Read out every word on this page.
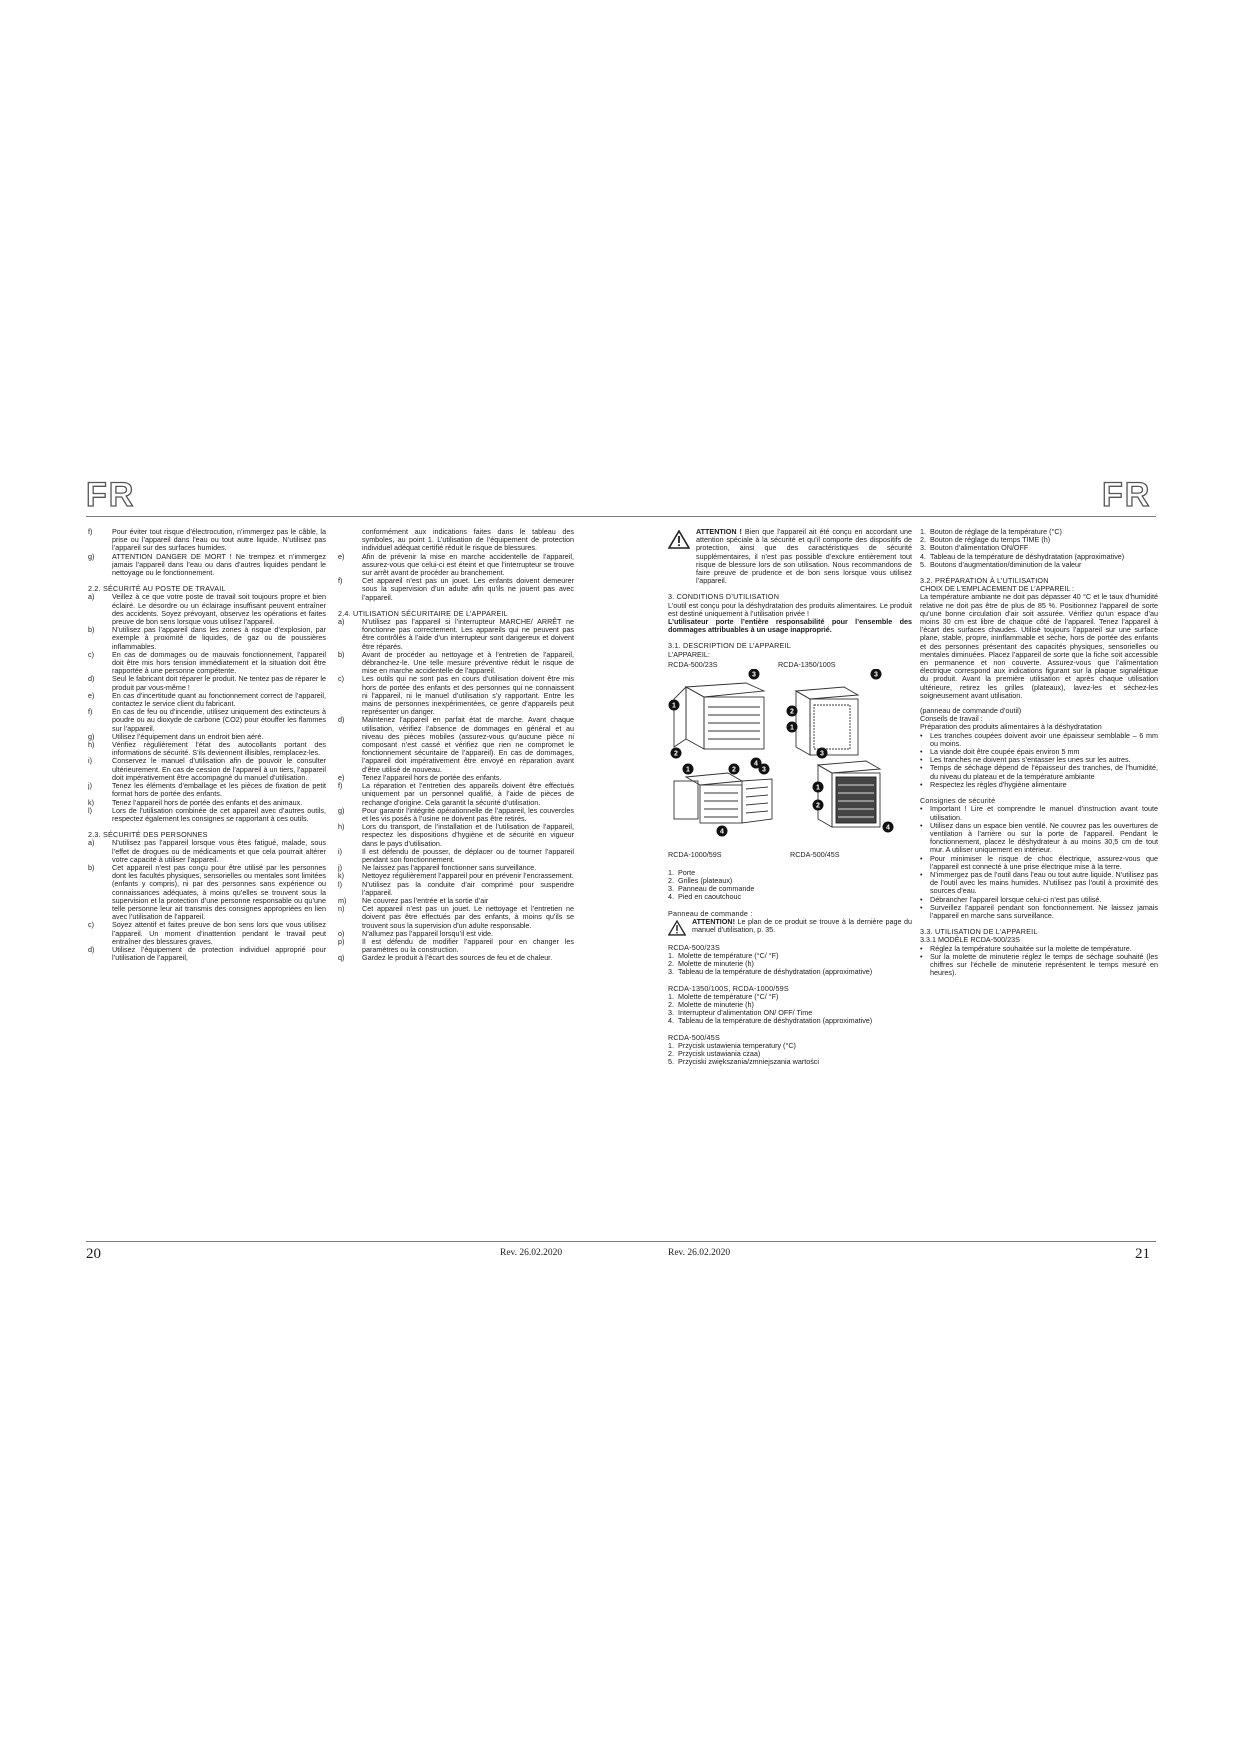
FR	FR
f)	Pour éviter tout risque d’électrocution, n’immergez pas le câble, la prise ou l’appareil dans l’eau ou tout autre liquide. N’utilisez pas l’appareil sur des surfaces humides.
g)	ATTENTION DANGER DE MORT ! Ne trempez et n’immergez jamais l’appareil dans l’eau ou dans d’autres liquides pendant le nettoyage ou le fonctionnement.

2.2. SÉCURITÉ AU POSTE DE TRAVAIL

a)	Veillez à ce que votre poste de travail soit toujours propre et bien éclairé. Le désordre ou un éclairage insuffisant peuvent entraîner des accidents. Soyez prévoyant, observez les opérations et faites preuve de bon sens lorsque vous utilisez l’appareil.
b)	N’utilisez pas l’appareil dans les zones à risque d’explosion, par exemple à proximité de liquides, de gaz ou de poussières inflammables.
c)	En cas de dommages ou de mauvais fonctionnement, l’appareil doit être mis hors tension immédiatement et la situation doit être rapportée à une personne compétente.
d)	Seul le fabricant doit réparer le produit. Ne tentez pas de réparer le produit par vous-même !
e)	En cas d’incertitude quant au fonctionnement correct de l’appareil, contactez le service client du fabricant.
f)	En cas de feu ou d’incendie, utilisez uniquement des extincteurs à poudre ou au dioxyde de carbone (CO2) pour étouffer les flammes sur l’appareil.
g)	Utilisez l’équipement dans un endroit bien aéré.
h)	Vérifiez régulièrement l’état des autocollants portant des informations de sécurité. S’ils deviennent illisibles, remplacez-les.
i)	Conservez le manuel d’utilisation afin de pouvoir le consulter ultérieurement. En cas de cession de l’appareil à un tiers, l’appareil doit impérativement être accompagné du manuel d’utilisation.
j)	Tenez les éléments d’emballage et les pièces de fixation de petit format hors de portée des enfants.
k)	Tenez l’appareil hors de portée des enfants et des animaux.
l)	Lors de l’utilisation combinée de cet appareil avec d’autres outils, respectez également les consignes se rapportant à ces outils.

2.3. SÉCURITÉ DES PERSONNES

a)	N’utilisez pas l’appareil lorsque vous êtes fatigué, malade, sous l’effet de drogues ou de médicaments et que cela pourrait altérer votre capacité à utiliser l’appareil.
b)	Cet appareil n’est pas conçu pour être utilisé par les personnes dont les facultés physiques, sensorielles ou mentales sont limitées (enfants y compris), ni par des personnes sans expérience ou connaissances adéquates, à moins qu’elles se trouvent sous la supervision et la protection d’une personne responsable ou qu’une telle personne leur ait transmis des consignes appropriées en lien avec l’utilisation de l’appareil.
c)	Soyez attentif et faites preuve de bon sens lors que vous utilisez l’appareil. Un moment d’inattention pendant le travail peut entraîner des blessures graves.
d)	Utilisez l’équipement de protection individuel approprié pour l’utilisation de l’appareil,
conformément aux indications faites dans le tableau des symboles, au point 1. L’utilisation de l’équipement de protection individuel adéquat certifié réduit le risque de blessures.
e)	Afin de prévenir la mise en marche accidentelle de l’appareil, assurez-vous que celui-ci est éteint et que l’interrupteur se trouve sur arrêt avant de procéder au branchement.
f)	Cet appareil n’est pas un jouet. Les enfants doivent demeurer sous la supervision d’un adulte afin qu’ils ne jouent pas avec l’appareil.

2.4. UTILISATION SÉCURITAIRE DE L’APPAREIL

a)	N’utilisez pas l’appareil si l’interrupteur MARCHE/ ARRÊT ne fonctionne pas correctement. Les appareils qui ne peuvent pas être contrôlés à l’aide d’un interrupteur sont dangereux et doivent être réparés.
b)	Avant de procéder au nettoyage et à l’entretien de l’appareil, débranchez-le. Une telle mesure préventive réduit le risque de mise en marche accidentelle de l’appareil.
c)	Les outils qui ne sont pas en cours d’utilisation doivent être mis hors de portée des enfants et des personnes qui ne connaissent ni l’appareil, ni le manuel d’utilisation s’y rapportant. Entre les mains de personnes inexpérimentées, ce genre d’appareils peut représenter un danger.
d)	Maintenez l’appareil en parfait état de marche. Avant chaque utilisation, vérifiez l’absence de dommages en général et au niveau des pièces mobiles (assurez-vous qu’aucune pièce ni composant n’est cassé et vérifiez que rien ne compromet le fonctionnement sécuritaire de l’appareil). En cas de dommages, l’appareil doit impérativement être envoyé en réparation avant d’être utilisé de nouveau.
e)	Tenez l’appareil hors de portée des enfants.
f)	La réparation et l’entretien des appareils doivent être effectués uniquement par un personnel qualifié, à l’aide de pièces de rechange d’origine. Cela garantit la sécurité d’utilisation.
g)	Pour garantir l’intégrité opérationnelle de l’appareil, les couvercles et les vis posés à l’usine ne doivent pas être retirés.
h)	Lors du transport, de l’installation et de l’utilisation de l’appareil, respectez les dispositions d’hygiène et de sécurité en vigueur dans le pays d’utilisation.
i)	Il est défendu de pousser, de déplacer ou de tourner l’appareil pendant son fonctionnement.
j)	Ne laissez pas l’appareil fonctionner sans surveillance.
k)	Nettoyez régulièrement l’appareil pour en prévenir l’encrassement.
l)	N’utilisez pas la conduite d’air comprimé pour suspendre l’appareil.
m)	Ne couvrez pas l’entrée et la sortie d’air
n)	Cet appareil n’est pas un jouet. Le nettoyage et l’entretien ne doivent pas être effectués par des enfants, à moins qu’ils se trouvent sous la supervision d’un adulte responsable.
o)	N’allumez pas l’appareil lorsqu’il est vide.
p)	Il est défendu de modifier l’appareil pour en changer les paramètres ou la construction.
q)	Gardez le produit à l’écart des sources de feu et de chaleur.

ATTENTION ! Bien que l’appareil ait été conçu en accordant une attention spéciale à la sécurité et qu’il comporte des dispositifs de protection, ainsi que des caractéristiques de sécurité supplémentaires, il n’est pas possible d’exclure entièrement tout risque de blessure lors de son utilisation. Nous recommandons de faire preuve de prudence et de bon sens lorsque vous utilisez l’appareil.

3. CONDITIONS D’UTILISATION

L’outil est conçu pour la déshydratation des produits alimentaires. Le produit est destiné uniquement à l’utilisation privée !

L’utilisateur porte l’entière responsabilité pour l’ensemble des dommages attribuables à un usage inapproprié.

3.1. DESCRIPTION DE L’APPAREIL

L’APPAREIL:

RCDA-500/23S	RCDA-1350/100S
1
2
3	3
2
1
4
3
1	2
3
1
2
4
4
RCDA-1000/59S	RCDA-500/45S
1. Porte
2. Grilles (plateaux)
3. Panneau de commande
4. Pied en caoutchouc

Panneau de commande :

ATTENTION! Le plan de ce produit se trouve à la dernière page du manuel d’utilisation, p. 35.

RCDA-500/23S

1. Molette de température (°C/ °F)
2. Molette de minuterie (h)
3. Tableau de la température de déshydratation (approximative)

RCDA-1350/100S, RCDA-1000/59S

1. Molette de température (°C/ °F)
2. Molette de minuterie (h)
3. Interrupteur d’alimentation ON/ OFF/ Time
4. Tableau de la température de déshydratation (approximative)

RCDA-500/45S

1. Przycisk ustawienia temperatury (°C)
2. Przycisk ustawiania czaa)
5. Przyciski zwiększania/zmniejszania wartości
1. Bouton de réglage de la température (°C)
2. Bouton de réglage du temps TIME (h)
3. Bouton d’alimentation ON/OFF
4. Tableau de la température de déshydratation (approximative)
5. Boutons d’augmentation/diminution de la valeur

3.2. PRÉPARATION À L’UTILISATION

CHOIX DE L’EMPLACEMENT DE L’APPAREIL :

La température ambiante ne doit pas dépasser 40 °C et le taux d’humidité relative ne doit pas être de plus de 85 %. Positionnez l’appareil de sorte qu’une bonne circulation d’air soit assurée. Vérifiez qu’un espace d’au moins 30 cm est libre de chaque côté de l’appareil. Tenez l’appareil à l’écart des surfaces chaudes. Utilisé toujours l’appareil sur une surface plane, stable, propre, ininflammable et sèche, hors de portée des enfants et des personnes présentant des capacités physiques, sensorielles ou mentales diminuées. Placez l’appareil de sorte que la fiche soit accessible en permanence et non couverte. Assurez-vous que l’alimentation électrique correspond aux indications figurant sur la plaque signalétique du produit. Avant la première utilisation et après chaque utilisation ultérieure, retirez les grilles (plateaux), lavez-les et séchez-les soigneusement avant utilisation.

(panneau de commande d’outil)

Conseils de travail :

Préparation des produits alimentaires à la déshydratation

•	Les tranches coupées doivent avoir une épaisseur semblable – 6 mm ou moins.
•	La viande doit être coupée épais environ 5 mm
•	Les tranches ne doivent pas s’entasser les unes sur les autres.
•	Temps de séchage dépend de l’épaisseur des tranches, de l’humidité, du niveau du plateau et de la température ambiante
•	Respectez les règles d’hygiène alimentaire

Consignes de sécurité

•	Important ! Lire et comprendre le manuel d’instruction avant toute utilisation.
•	Utilisez dans un espace bien ventilé. Ne couvrez pas les ouvertures de ventilation à l’arrière ou sur la porte de l’appareil. Pendant le fonctionnement, placez le déshydrateur à au moins 30,5 cm de tout mur. A utiliser uniquement en intérieur.
•	Pour minimiser le risque de choc électrique, assurez-vous que l’appareil est connecté à une prise électrique mise à la terre.
•	N’immergez pas de l’outil dans l’eau ou tout autre liquide. N’utilisez pas de l’outil avec les mains humides. N’utilisez pas l’outil à proximité des sources d’eau.
•	Débrancher l’appareil lorsque celui-ci n’est pas utilisé.
•	Surveillez l’appareil pendant son fonctionnement. Ne laissez jamais l’appareil en marche sans surveillance.

3.3. UTILISATION DE L’APPAREIL

3.3.1 MODÈLE RCDA-500/23S

•	Réglez la température souhaitée sur la molette de température.
•	Sur la molette de minuterie réglez le temps de séchage souhaité (les chiffres sur l’échelle de minuterie représentent le temps mesuré en heures).
20	Rev. 26.02.2020	Rev. 26.02.2020	21
